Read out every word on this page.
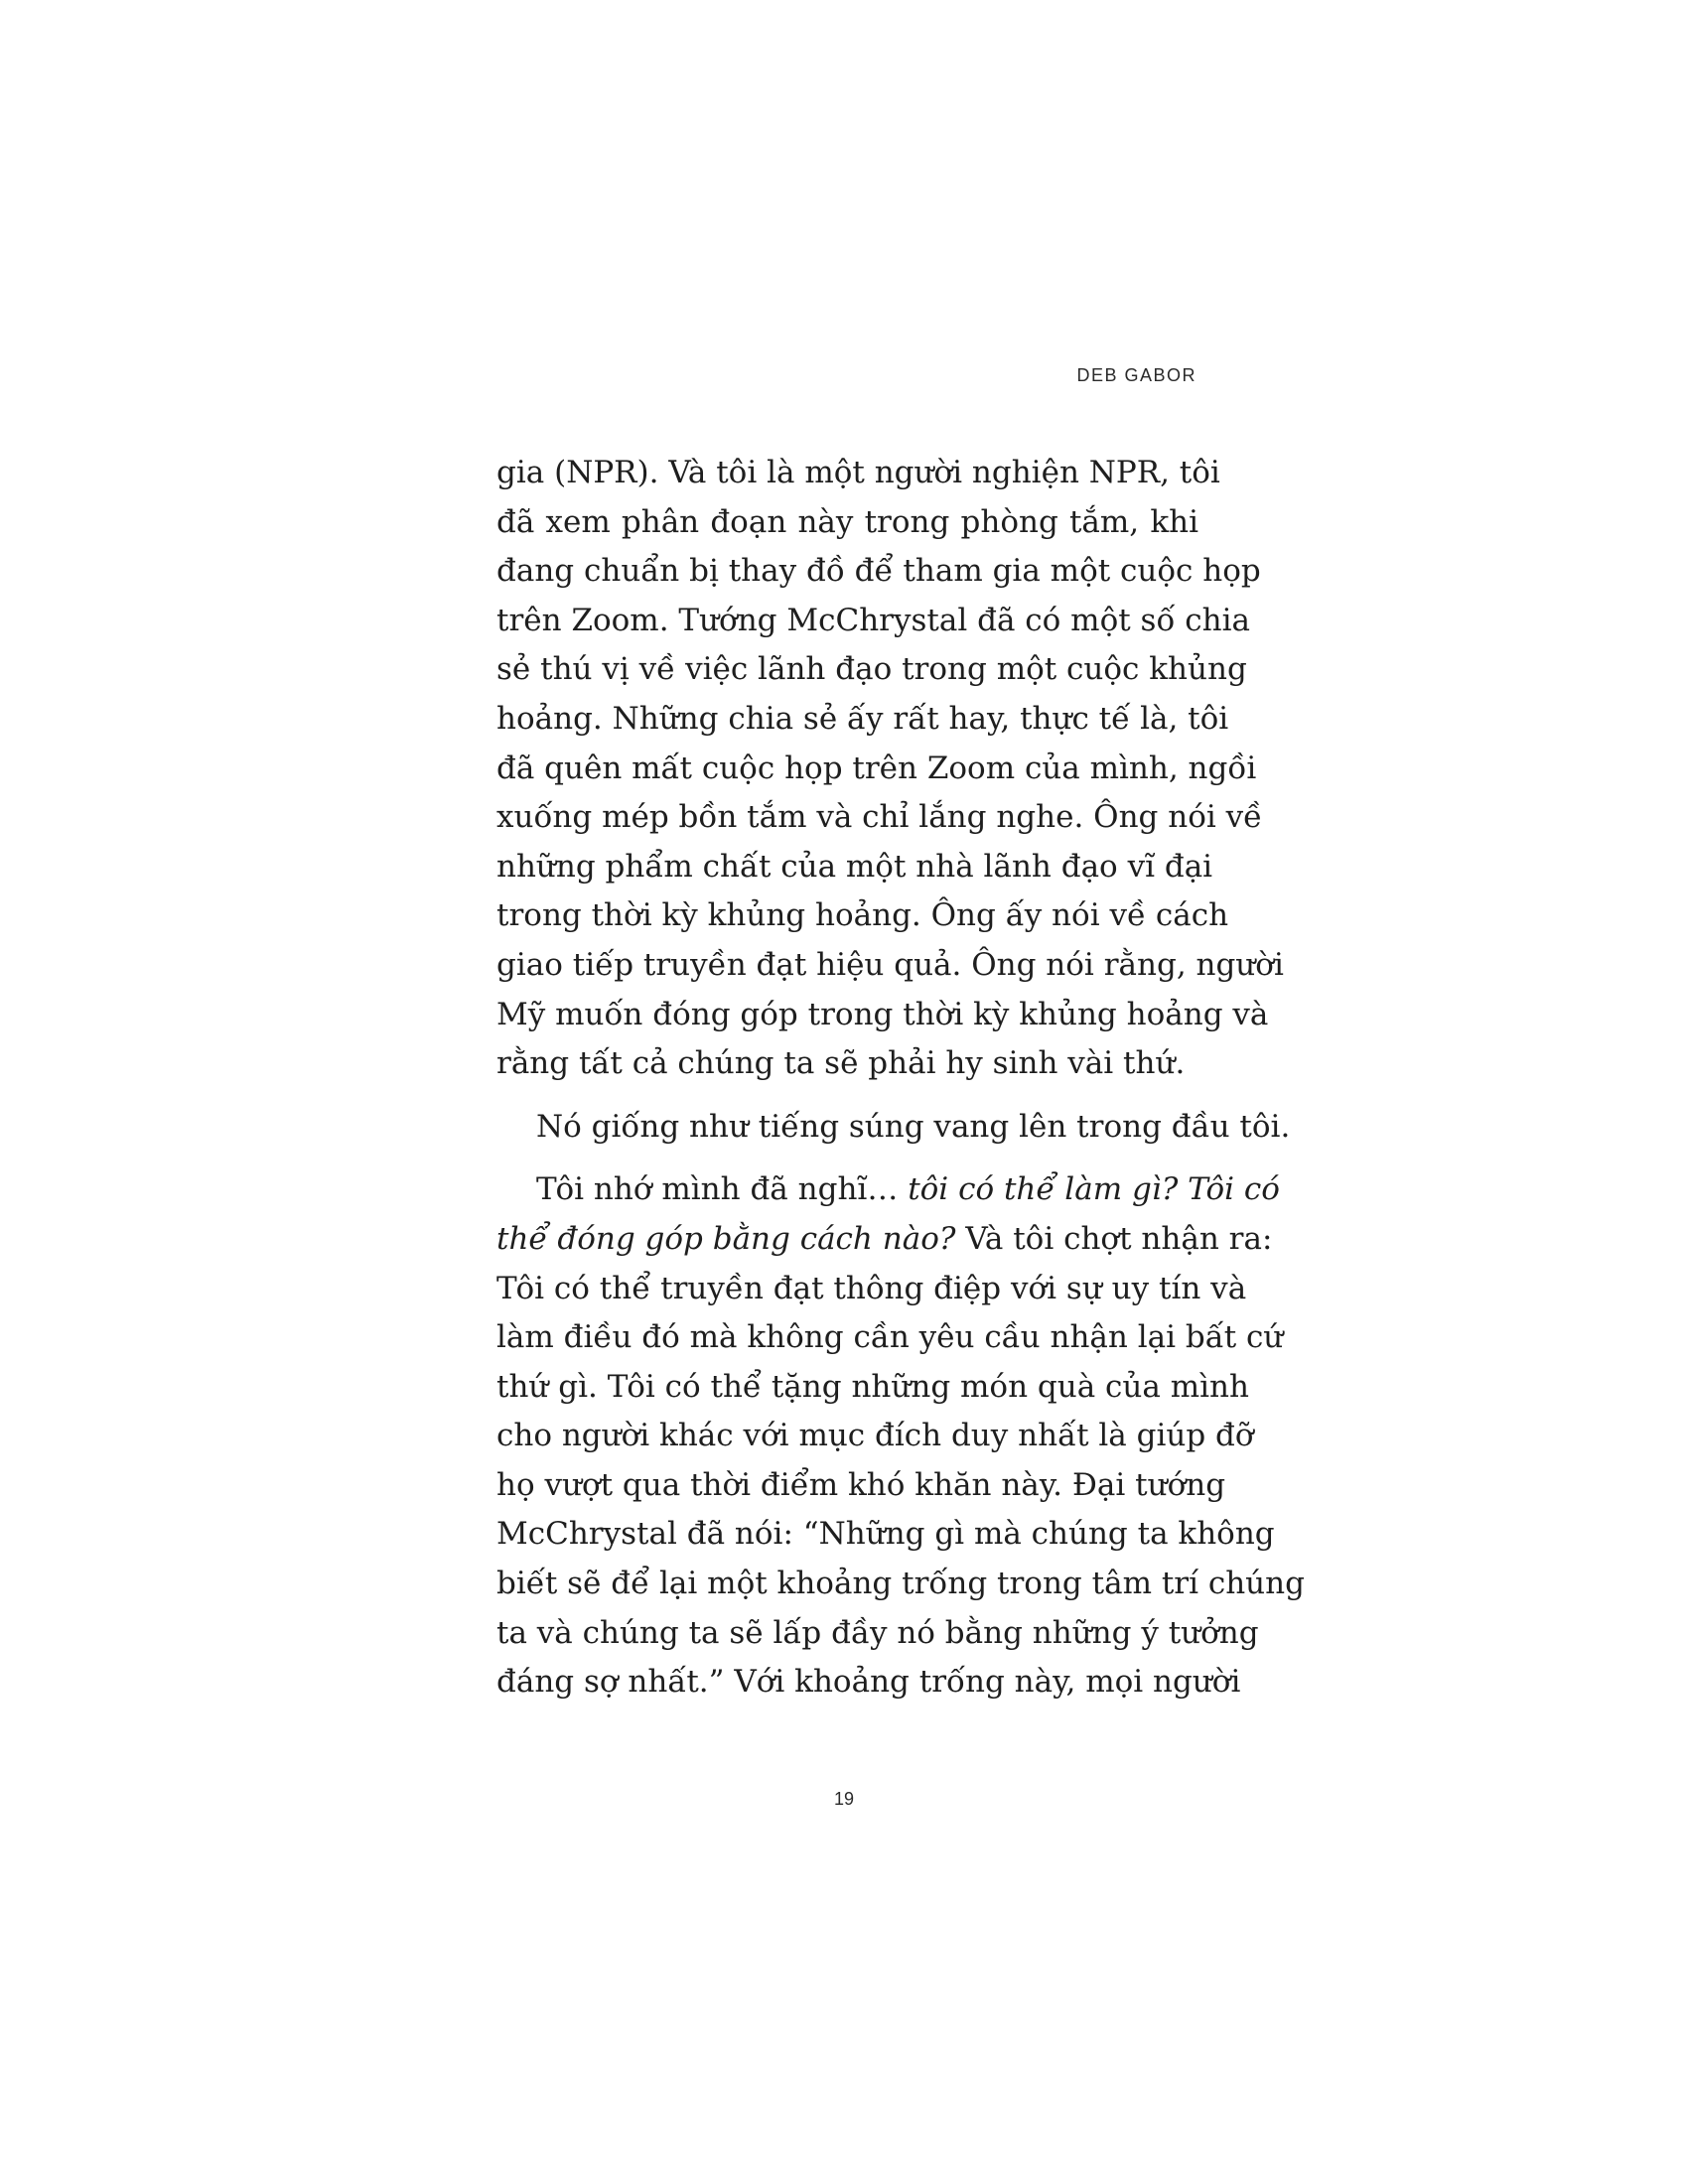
DEB GABOR
gia (NPR). Và tôi là một người nghiện NPR, tôi
đã xem phân đoạn này trong phòng tắm, khi
đang chuẩn bị thay đồ để tham gia một cuộc họp
trên Zoom. Tướng McChrystal đã có một số chia
sẻ thú vị về việc lãnh đạo trong một cuộc khủng
hoảng. Những chia sẻ ấy rất hay, thực tế là, tôi
đã quên mất cuộc họp trên Zoom của mình, ngồi
xuống mép bồn tắm và chỉ lắng nghe. Ông nói về
những phẩm chất của một nhà lãnh đạo vĩ đại
trong thời kỳ khủng hoảng. Ông ấy nói về cách
giao tiếp truyền đạt hiệu quả. Ông nói rằng, người
Mỹ muốn đóng góp trong thời kỳ khủng hoảng và
rằng tất cả chúng ta sẽ phải hy sinh vài thứ.
Nó giống như tiếng súng vang lên trong đầu tôi.
Tôi nhớ mình đã nghĩ… tôi có thể làm gì? Tôi có
thể đóng góp bằng cách nào? Và tôi chợt nhận ra:
Tôi có thể truyền đạt thông điệp với sự uy tín và
làm điều đó mà không cần yêu cầu nhận lại bất cứ
thứ gì. Tôi có thể tặng những món quà của mình
cho người khác với mục đích duy nhất là giúp đỡ
họ vượt qua thời điểm khó khăn này. Đại tướng
McChrystal đã nói: “Những gì mà chúng ta không
biết sẽ để lại một khoảng trống trong tâm trí chúng
ta và chúng ta sẽ lấp đầy nó bằng những ý tưởng
đáng sợ nhất.” Với khoảng trống này, mọi người
19
